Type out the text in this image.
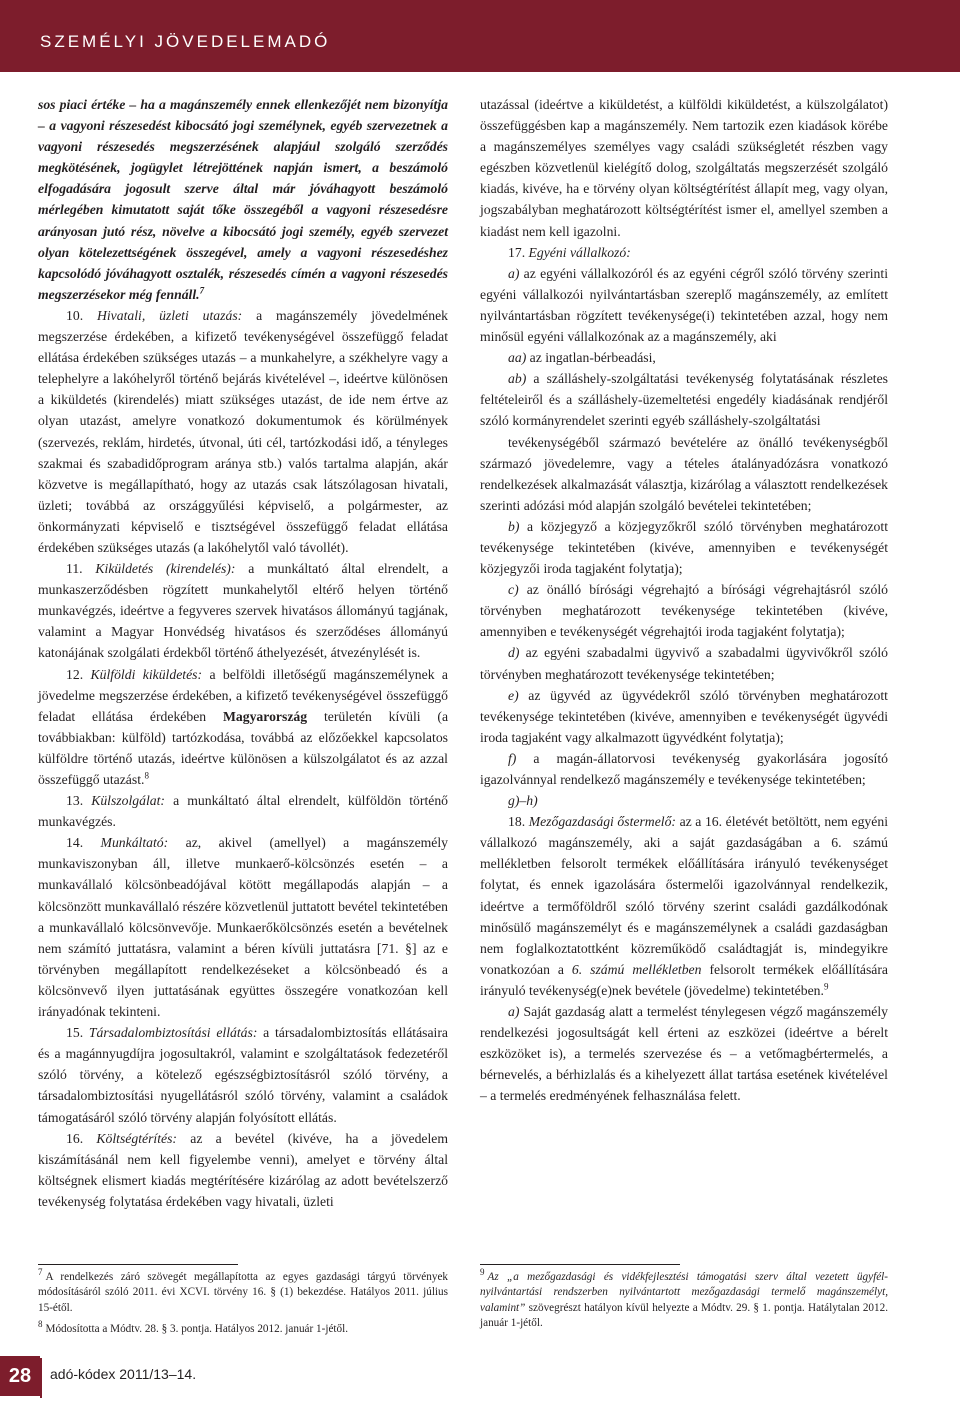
SZEMÉLYI JÖVEDELEMADÓ

sos piaci értéke – ha a magánszemély ennek ellenkezőjét nem bizonyítja – a vagyoni részesedést kibocsátó jogi személynek, egyéb szervezetnek a vagyoni részesedés megszerzésének alapjául szolgáló szerződés megkötésének, jogügylet létrejöttének napján ismert, a beszámoló elfogadására jogosult szerve által már jóváhagyott beszámoló mérlegében kimutatott saját tőke összegéből a vagyoni részesedésre arányosan jutó rész, növelve a kibocsátó jogi személy, egyéb szervezet olyan kötelezettségének összegével, amely a vagyoni részesedéshez kapcsolódó jóváhagyott osztalék, részesedés címén a vagyoni részesedés megszerzésekor még fennáll.$^7$

10. Hivatali, üzleti utazás: a magánszemély jövedelmének megszerzése érdekében, a kifizető tevékenységével összefüggő feladat ellátása érdekében szükséges utazás – a munkahelyre, a székhelyre vagy a telephelyre a lakóhelyről történő bejárás kivételével –, ideértve különösen a kiküldetés (kirendelés) miatt szükséges utazást, de ide nem értve az olyan utazást, amelyre vonatkozó dokumentumok és körülmények (szervezés, reklám, hirdetés, útvonal, úti cél, tartózkodási idő, a tényleges szakmai és szabadidőprogram aránya stb.) valós tartalma alapján, akár közvetve is megállapítható, hogy az utazás csak látszólagosan hivatali, üzleti; továbbá az országgyűlési képviselő, a polgármester, az önkormányzati képviselő e tisztségével összefüggő feladat ellátása érdekében szükséges utazás (a lakóhelytől való távollét).

11. Kiküldetés (kirendelés): a munkáltató által elrendelt, a munkaszerződésben rögzített munkahelytől eltérő helyen történő munkavégzés, ideértve a fegyveres szervek hivatásos állományú tagjának, valamint a Magyar Honvédség hivatásos és szerződéses állományú katonájának szolgálati érdekből történő áthelyezését, átvezénylését is.

12. Külföldi kiküldetés: a belföldi illetőségű magánszemélynek a jövedelme megszerzése érdekében, a kifizető tevékenységével összefüggő feladat ellátása érdekében Magyarország területén kívüli (a továbbiakban: külföld) tartózkodása, továbbá az előzőekkel kapcsolatos külföldre történő utazás, ideértve különösen a külszolgálatot és az azzal összefüggő utazást.$^8$

13. Külszolgálat: a munkáltató által elrendelt, külföldön történő munkavégzés.

14. Munkáltató: az, akivel (amellyel) a magánszemély munkaviszonyban áll, illetve munkaerő-kölcsönzés esetén – a munkavállaló kölcsönbeadójával kötött megállapodás alapján – a kölcsönzött munkavállaló részére közvetlenül juttatott bevétel tekintetében a munkavállaló kölcsönvevője. Munkaerőkölcsönzés esetén a bevételnek nem számító juttatásra, valamint a béren kívüli juttatásra [71. §] az e törvényben megállapított rendelkezéseket a kölcsönbeadó és a kölcsönvevő ilyen juttatásának együttes összegére vonatkozóan kell irányadónak tekinteni.

15. Társadalombiztosítási ellátás: a társadalombiztosítás ellátásaira és a magánnyugdíjra jogosultakról, valamint e szolgáltatások fedezetéről szóló törvény, a kötelező egészségbiztosításról szóló törvény, a társadalombiztosítási nyugellátásról szóló törvény, valamint a családok támogatásáról szóló törvény alapján folyósított ellátás.

16. Költségtérítés: az a bevétel (kivéve, ha a jövedelem kiszámításánál nem kell figyelembe venni), amelyet e törvény által költségnek elismert kiadás megtérítésére kizárólag az adott bevételszerző tevékenység folytatása érdekében vagy hivatali, üzleti

utazással (ideértve a kiküldetést, a külföldi kiküldetést, a külszolgálatot) összefüggésben kap a magánszemély. Nem tartozik ezen kiadások körébe a magánszemélyes személyes vagy családi szükségletét részben vagy egészben közvetlenül kielégítő dolog, szolgáltatás megszerzését szolgáló kiadás, kivéve, ha e törvény olyan költségtérítést állapít meg, vagy olyan, jogszabályban meghatározott költségtérítést ismer el, amellyel szemben a kiadást nem kell igazolni.

17. Egyéni vállalkozó:

a) az egyéni vállalkozóról és az egyéni cégről szóló törvény szerinti egyéni vállalkozói nyilvántartásban szereplő magánszemély, az említett nyilvántartásban rögzített tevékenysége(i) tekintetében azzal, hogy nem minősül egyéni vállalkozónak az a magánszemély, aki

aa) az ingatlan-bérbeadási,

ab) a szálláshely-szolgáltatási tevékenység folytatásának részletes feltételeiről és a szálláshely-üzemeltetési engedély kiadásának rendjéről szóló kormányrendelet szerinti egyéb szálláshely-szolgáltatási

tevékenységéből származó bevételére az önálló tevékenységből származó jövedelemre, vagy a tételes átalányadózásra vonatkozó rendelkezések alkalmazását választja, kizárólag a választott rendelkezések szerinti adózási mód alapján szolgáló bevételei tekintetében;

b) a közjegyző a közjegyzőkről szóló törvényben meghatározott tevékenysége tekintetében (kivéve, amennyiben e tevékenységét közjegyzői iroda tagjaként folytatja);

c) az önálló bírósági végrehajtó a bírósági végrehajtásról szóló törvényben meghatározott tevékenysége tekintetében (kivéve, amennyiben e tevékenységét végrehajtói iroda tagjaként folytatja);

d) az egyéni szabadalmi ügyvivő a szabadalmi ügyvivőkről szóló törvényben meghatározott tevékenysége tekintetében;

e) az ügyvéd az ügyvédekről szóló törvényben meghatározott tevékenysége tekintetében (kivéve, amennyiben e tevékenységét ügyvédi iroda tagjaként vagy alkalmazott ügyvédként folytatja);

f) a magán-állatorvosi tevékenység gyakorlására jogosító igazolvánnyal rendelkező magánszemély e tevékenysége tekintetében;

g)–h)

18. Mezőgazdasági őstermelő: az a 16. életévét betöltött, nem egyéni vállalkozó magánszemély, aki a saját gazdaságában a 6. számú mellékletben felsorolt termékek előállítására irányuló tevékenységet folytat, és ennek igazolására őstermelői igazolvánnyal rendelkezik, ideértve a termőföldről szóló törvény szerint családi gazdálkodónak minősülő magánszemélyt és e magánszemélynek a családi gazdaságban nem foglalkoztatottként közreműködő családtagját is, mindegyikre vonatkozóan a 6. számú mellékletben felsorolt termékek előállítására irányuló tevékenység(e)nek bevétele (jövedelme) tekintetében.$^9$

a) Saját gazdaság alatt a termelést ténylegesen végző magánszemély rendelkezési jogosultságát kell érteni az eszközei (ideértve a bérelt eszközöket is), a termelés szervezése és – a vetőmagbértermelés, a bérnevelés, a bérhizlalás és a kihelyezett állat tartása esetének kivételével – a termelés eredményének felhasználása felett.

$^7$ A rendelkezés záró szövegét megállapította az egyes gazdasági tárgyú törvények módosításáról szóló 2011. évi XCVI. törvény 16. § (1) bekezdése. Hatályos 2011. július 15-étől.
$^8$ Módosította a Módtv. 28. § 3. pontja. Hatályos 2012. január 1-jétől.
$^9$ Az „a mezőgazdasági és vidékfejlesztési támogatási szerv által vezetett ügyfél-nyilvántartási rendszerben nyilvántartott mezőgazdasági termelő magánszemélyt, valamint” szövegrészt hatályon kívül helyezte a Módtv. 29. § 1. pontja. Hatálytalan 2012. január 1-jétől.
28	adó-kódex 2011/13–14.
